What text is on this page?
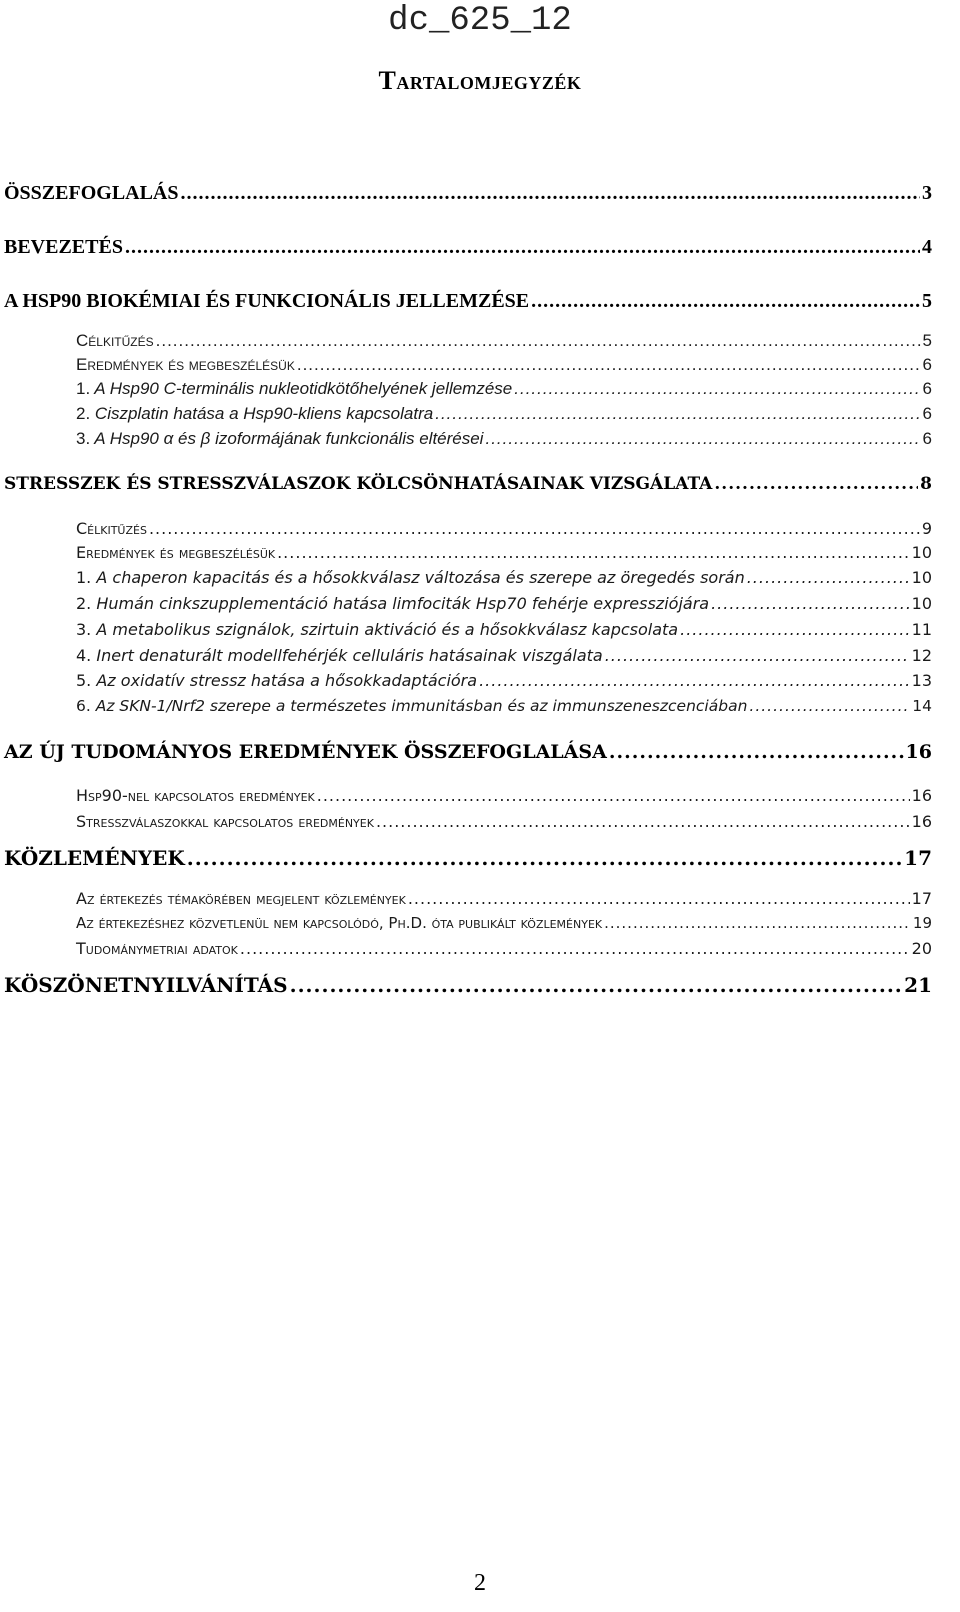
dc_625_12
Tartalomjegyzék
ÖSSZEFOGLALÁS .....	3
BEVEZETÉS .....	4
A HSP90 BIOKÉMIAI ÉS FUNKCIONÁLIS JELLEMZÉSE .....	5
Célkitűzés .....	5
Eredmények és megbeszélésük .....	6
1. A Hsp90 C-terminális nukleotidkötőhelyének jellemzése .....	6
2. Ciszplatin hatása a Hsp90-kliens kapcsolatra .....	6
3. A Hsp90 α és β izoformájának funkcionális eltérései .....	6
STRESSZEK ÉS STRESSZVÁLASZOK KÖLCSÖNHATÁSAINAK VIZSGÁLATA .....	8
Célkitűzés .....	9
Eredmények és megbeszélésük .....	10
1. A chaperon kapacitás és a hősokkválasz változása és szerepe az öregedés során .....	10
2. Humán cinkszupplementáció hatása limfociták Hsp70 fehérje expressziójára .....	10
3. A metabolikus szignálok, szirtuin aktiváció és a hősokkválasz kapcsolata .....	11
4. Inert denaturált modellfehérjék celluláris hatásainak viszgálata .....	12
5. Az oxidatív stressz hatása a hősokkadaptációra .....	13
6. Az SKN-1/Nrf2 szerepe a természetes immunitásban és az immunszeneszcenciában .....	14
AZ ÚJ TUDOMÁNYOS EREDMÉNYEK ÖSSZEFOGLALÁSA .....	16
Hsp90-nel kapcsolatos eredmények .....	16
Stresszválaszokkal kapcsolatos eredmények .....	16
KÖZLEMÉNYEK .....	17
Az értekezés témakörében megjelent közlemények .....	17
Az értekezéshez közvetlenül nem kapcsolódó, Ph.D. óta publikált közlemények .....	19
Tudománymetriai adatok .....	20
KÖSZÖNETNYILVÁNÍTÁS .....	21
2
